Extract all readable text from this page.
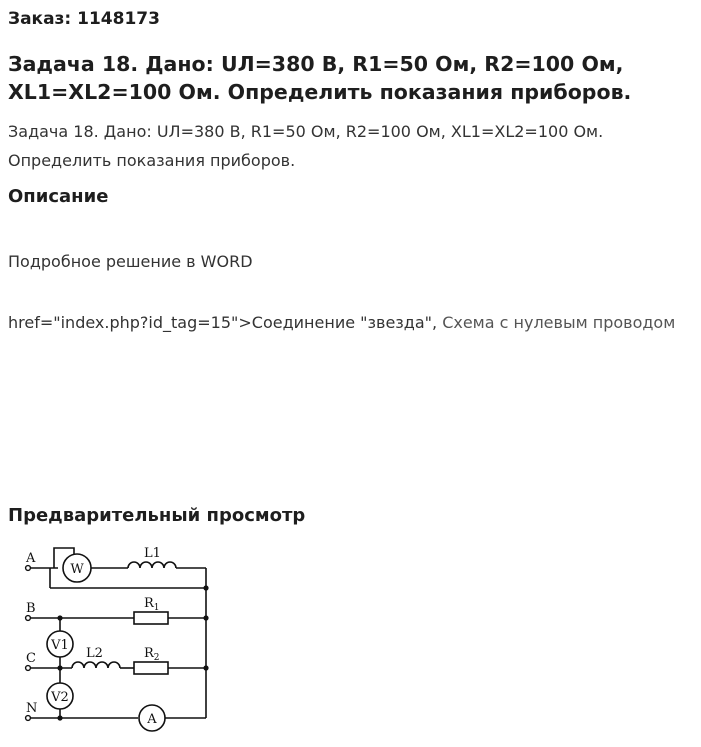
Заказ: 1148173
Задача 18. Дано: UЛ=380 В, R1=50 Ом, R2=100 Ом, XL1=XL2=100 Ом. Определить показания приборов.
Задача 18. Дано: UЛ=380 В, R1=50 Ом, R2=100 Ом, XL1=XL2=100 Ом. Определить показания приборов.
Описание
Подробное решение в WORD
href="index.php?id_tag=15">Соединение "звезда", Схема с нулевым проводом
Предварительный просмотр
A
B
C
N
W
V1
V2
A
L1
$R_1$
L2	$R_2$
